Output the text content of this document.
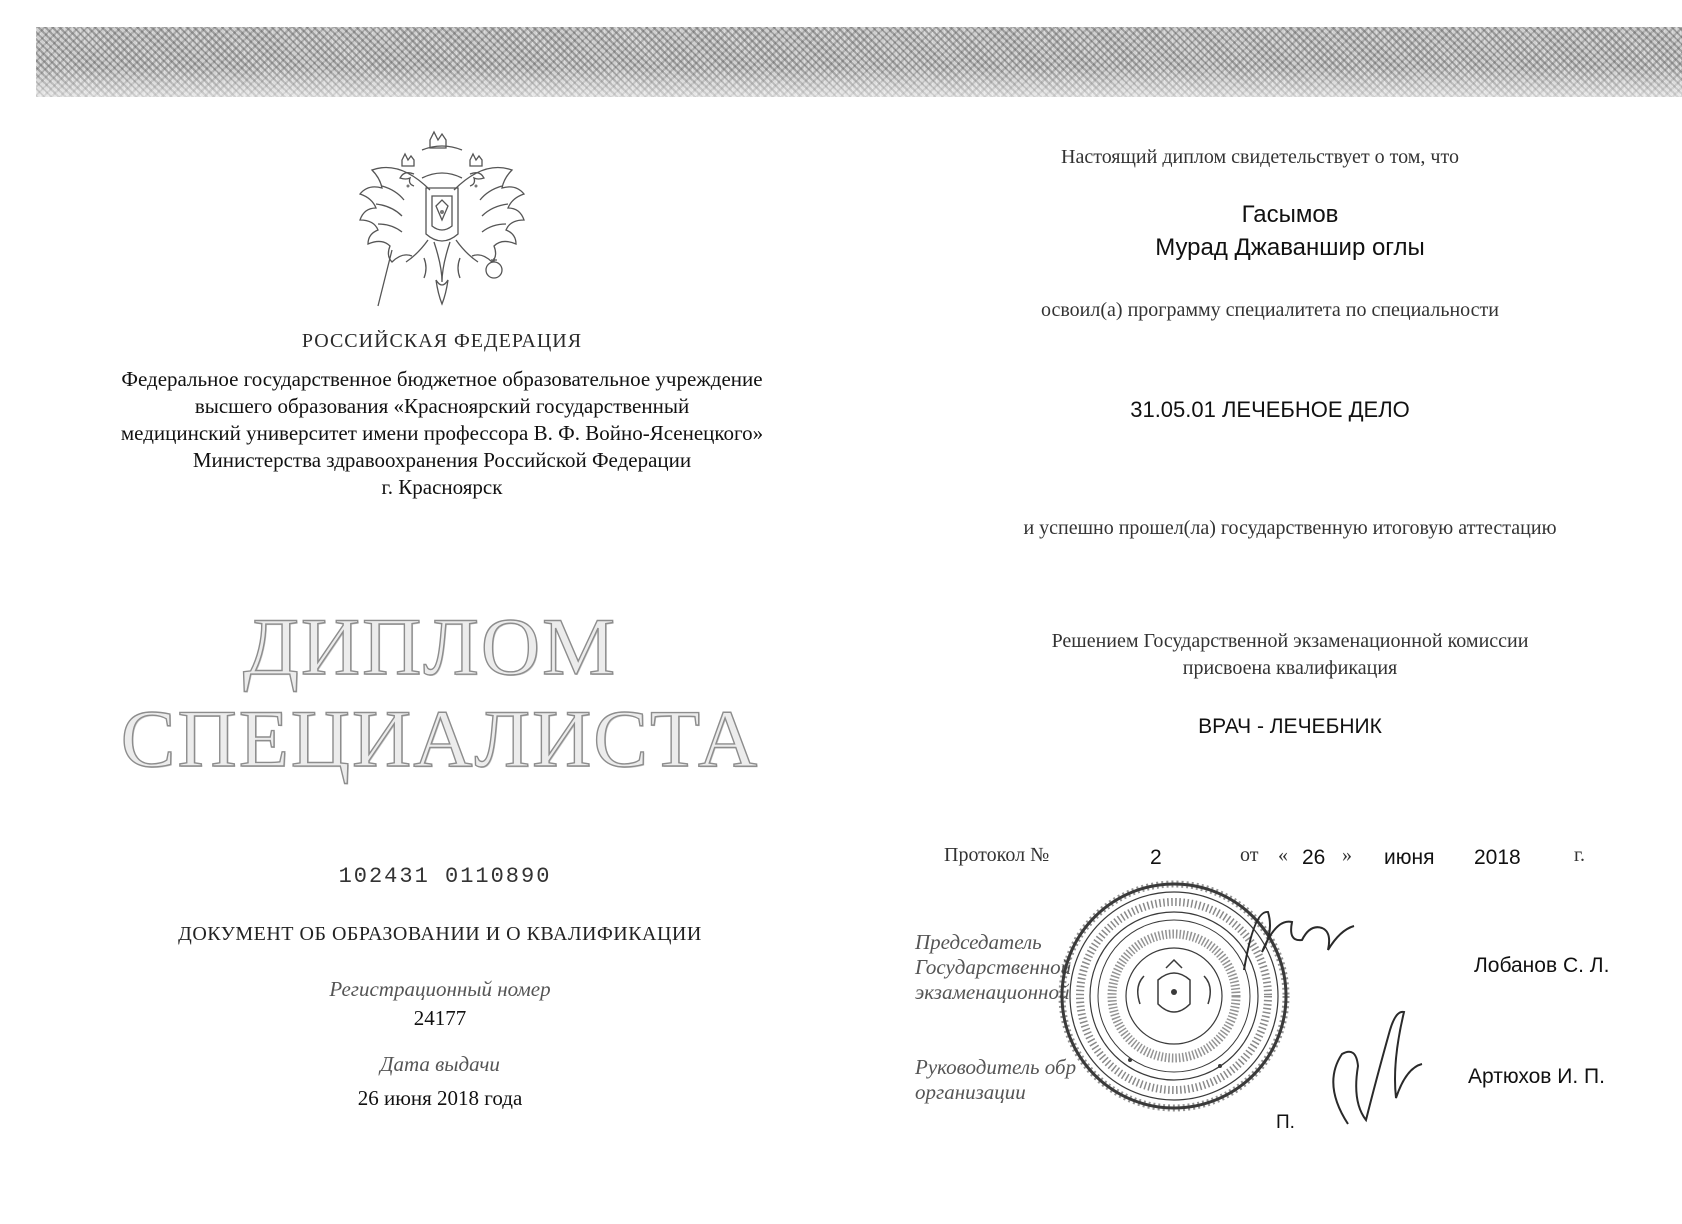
РОССИЙСКАЯ ФЕДЕРАЦИЯ
Федеральное государственное бюджетное образовательное учреждение
высшего образования «Красноярский государственный
медицинский университет имени профессора В. Ф. Войно-Ясенецкого»
Министерства здравоохранения Российской Федерации
г. Красноярск
ДИПЛОМ
СПЕЦИАЛИСТА
102431 0110890
ДОКУМЕНТ ОБ ОБРАЗОВАНИИ И О КВАЛИФИКАЦИИ
Регистрационный номер
24177
Дата выдачи
26 июня 2018 года
Настоящий диплом свидетельствует о том, что
Гасымов
Мурад Джаваншир оглы
освоил(а) программу специалитета по специальности
31.05.01 ЛЕЧЕБНОЕ ДЕЛО
и успешно прошел(ла) государственную итоговую аттестацию
Решением Государственной экзаменационной комиссии
присвоена квалификация
ВРАЧ - ЛЕЧЕБНИК
Протокол №	2	от « 26 » июня 2018	г.
Председатель
Государственной
экзаменационной
Лобанов С. Л.
Руководитель обр
организации
Артюхов И. П.
П.
